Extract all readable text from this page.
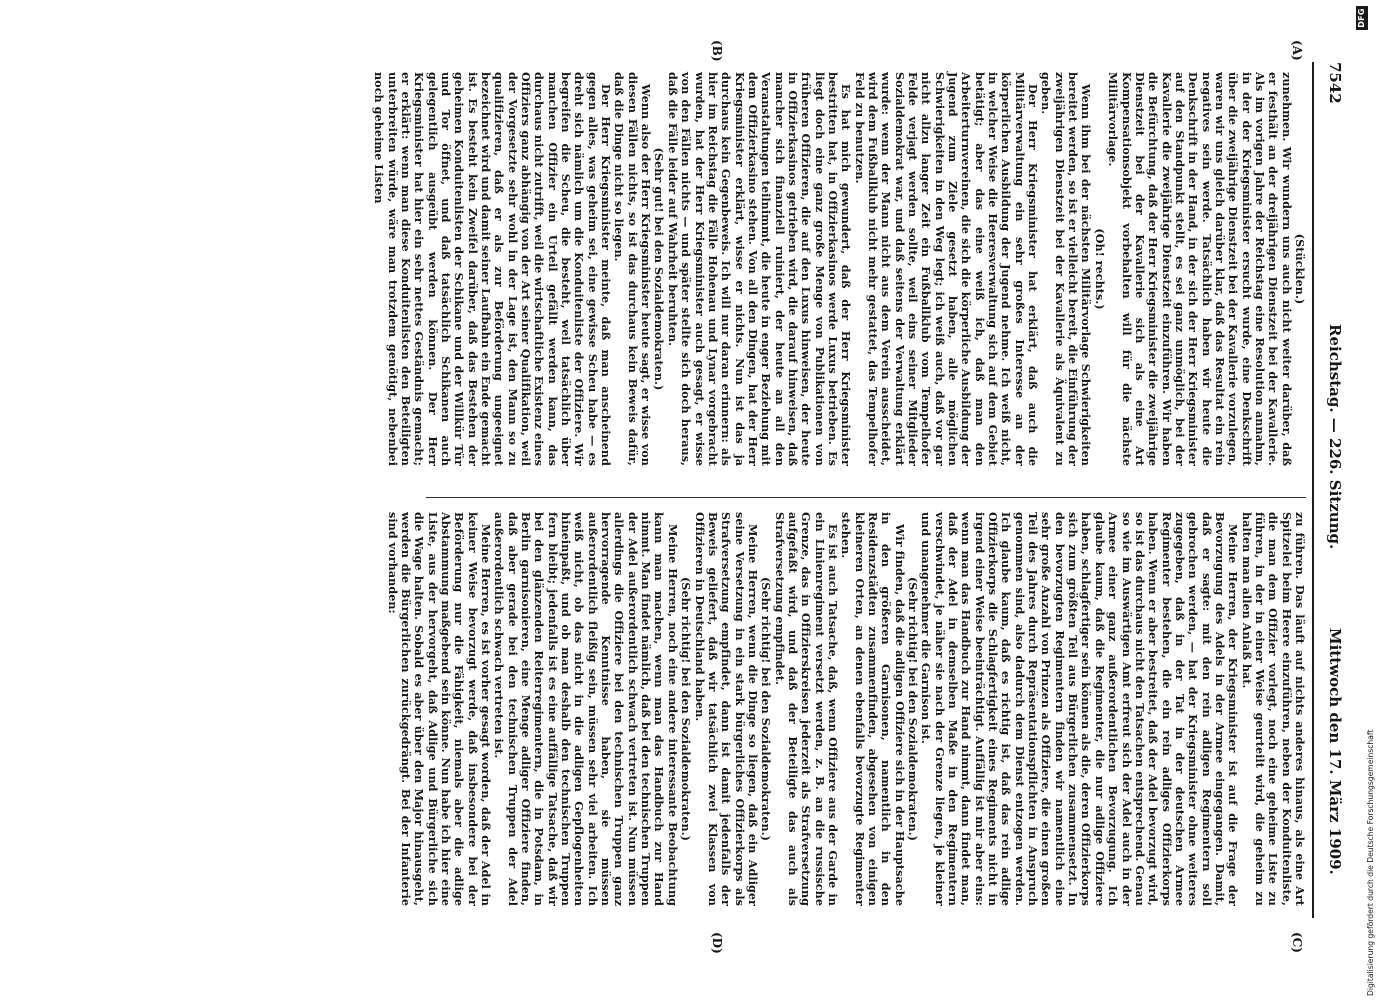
7542
Reichstag. — 226. Sitzung.
Mittwoch den 17. März 1909.
(A)
(B)
(C)
(D)

(Stücklen.)

zunehmen. Wir wundern uns auch nicht weiter darüber, daß er festhält an der dreijährigen Dienstzeit bei der Kavallerie. Als im vorigen Jahre der Reichstag eine Resolution annahm, in der der Kriegsminister ersucht wurde, eine Denkschrift über die zweijährige Dienstzeit bei der Kavallerie vorzulegen, waren wir uns gleich darüber klar, daß das Resultat ein rein negatives sein werde. Tatsächlich haben wir heute die Denkschrift in der Hand, in der sich der Herr Kriegsminister auf den Standpunkt stellt, es sei ganz unmöglich, bei der Kavallerie die zweijährige Dienstzeit einzuführen. Wir haben die Befürchtung, daß der Herr Kriegsminister die zweijährige Dienstzeit bei der Kavallerie sich als eine Art Kompensationsobjekt vorbehalten will für die nächste Militärvorlage.

(Oh! rechts.)

Wenn ihm bei der nächsten Militärvorlage Schwierigkeiten bereitet werden, so ist er vielleicht bereit, die Einführung der zweijährigen Dienstzeit bei der Kavallerie als Äquivalent zu geben.

Der Herr Kriegsminister hat erklärt, daß auch die Militärverwaltung ein sehr großes Interesse an der körperlichen Ausbildung der Jugend nehme. Ich weiß nicht, in welcher Weise die Heeresverwaltung sich auf dem Gebiet betätigt; aber das eine weiß ich, daß man den Arbeiterturnvereinen, die sich die körperliche Ausbildung der Jugend zum Ziele gesetzt haben, alle möglichen Schwierigkeiten in den Weg legt; ich weiß auch, daß vor gar nicht allzu langer Zeit ein Fußballklub vom Tempelhofer Felde verjagt werden sollte, weil eins seiner Mitglieder Sozialdemokrat war, und daß seitens der Verwaltung erklärt wurde: wenn der Mann nicht aus dem Verein ausscheidet, wird dem Fußballklub nicht mehr gestattet, das Tempelhofer Feld zu benutzen.

Es hat mich gewundert, daß der Herr Kriegsminister bestritten hat, in Offizierkasinos werde Luxus betrieben. Es liegt doch eine ganz große Menge von Publikationen von früheren Offizieren, die auf den Luxus hinweisen, der heute in Offizierkasinos getrieben wird, die darauf hinweisen, daß mancher sich finanziell ruiniert, der heute an all den Veranstaltungen teilnimmt, die heute in enger Beziehung mit dem Offizierkasino stehen. Von all den Dingen, hat der Herr Kriegsminister erklärt, wisse er nichts. Nun ist das ja durchaus kein Gegenbeweis. Ich will nur daran erinnern: als hier im Reichstag die Fälle Hohenau und Lynar vorgebracht wurden, hat der Herr Kriegsminister auch gesagt, er wisse von den Fällen nichts — und später stellte sich doch heraus, daß die Fälle leider auf Wahrheit beruhten.

(Sehr gut! bei den Sozialdemokraten.)

Wenn also der Herr Kriegsminister heute sagt, er wisse von diesen Fällen nichts, so ist das durchaus kein Beweis dafür, daß die Dinge nicht so liegen.

Der Herr Kriegsminister meinte, daß man anscheinend gegen alles, was geheim sei, eine gewisse Scheu habe — es dreht sich nämlich um die Konduitenliste der Offiziere. Wir begreifen die Scheu, die besteht, weil tatsächlich über manchen Offizier ein Urteil gefällt werden kann, das durchaus nicht zutrifft, weil die wirtschaftliche Existenz eines Offiziers ganz abhängig von der Art seiner Qualifikation, weil der Vorgesetzte sehr wohl in der Lage ist, den Mann so zu qualifizieren, daß er als zur Beförderung ungeeignet bezeichnet wird und damit seiner Laufbahn ein Ende gemacht ist. Es besteht kein Zweifel darüber, daß das Bestehen der geheimen Konduitenlisten der Schikane und der Willkür Tür und Tor öffnet, und daß tatsächlich Schikanen auch gelegentlich ausgeübt werden können. Der Herr Kriegsminister hat hier ein sehr nettes Geständnis gemacht; er erklärt: wenn man diese Konduitenlisten den Beteiligten unterbreiten würde, wäre man trotzdem genötigt, nebenbei noch geheime Listen

zu führen. Das läuft auf nichts anderes hinaus, als eine Art Spitzelei beim Heere einzuführen, neben der Konduitenliste, die man dem Offizier vorlegt, noch eine geheime Liste zu führen, in der in einer Weise geurteilt wird, die geheim zu halten man allen Anlaß hat.

Meine Herren, der Kriegsminister ist auf die Frage der Bevorzugung des Adels in der Armee eingegangen. Damit, daß er sagte: mit den rein adligen Regimentern soll gebrochen werden, — hat der Kriegsminister ohne weiteres zugegeben, daß in der Tat in der deutschen Armee Regimenter bestehen, die ein rein adliges Offizierkorps haben. Wenn er aber bestreitet, daß der Adel bevorzugt wird, so ist das durchaus nicht den Tatsachen entsprechend. Genau so wie im Auswärtigen Amt erfreut sich der Adel auch in der Armee einer ganz außerordentlichen Bevorzugung. Ich glaube kaum, daß die Regimenter, die nur adlige Offiziere haben, schlagfertiger sein können als die, deren Offizierkorps sich zum größten Teil aus Bürgerlichen zusammensetzt. In den bevorzugten Regimentern finden wir namentlich eine sehr große Anzahl von Prinzen als Offiziere, die einen großen Teil des Jahres durch Repräsentationspflichten in Anspruch genommen sind, also dadurch dem Dienst entzogen werden. Ich glaube kaum, daß es richtig ist, daß das rein adlige Offizierkorps die Schlagfertigkeit eines Regiments nicht in irgend einer Weise beeinträchtigt. Auffällig ist mir aber eins: wenn man das Handbuch zur Hand nimmt, dann findet man, daß der Adel in demselben Maße in den Regimentern verschwindet, je näher sie nach der Grenze liegen, je kleiner und unangenehmer die Garnison ist.

(Sehr richtig! bei den Sozialdemokraten.)

Wir finden, daß die adligen Offiziere sich in der Hauptsache in den größeren Garnisonen, namentlich in den Residenzstädten zusammenfinden, abgesehen von einigen kleineren Orten, an denen ebenfalls bevorzugte Regimenter stehen.

Es ist auch Tatsache, daß, wenn Offiziere aus der Garde in ein Linienregiment versetzt werden, z. B. an die russische Grenze, das in Offizierskreisen jederzeit als Strafversetzung aufgefaßt wird, und daß der Beteiligte das auch als Strafversetzung empfindet.

(Sehr richtig! bei den Sozialdemokraten.)

Meine Herren, wenn die Dinge so liegen, daß ein Adliger seine Versetzung in ein stark bürgerliches Offizierkorps als Strafversetzung empfindet, dann ist damit jedenfalls der Beweis geliefert, daß wir tatsächlich zwei Klassen von Offizieren in Deutschland haben.

(Sehr richtig! bei den Sozialdemokraten.)

Meine Herren, noch eine andere interessante Beobachtung kann man machen, wenn man das Handbuch zur Hand nimmt. Man findet nämlich, daß bei den technischen Truppen der Adel außerordentlich schwach vertreten ist. Nun müssen allerdings die Offiziere bei den technischen Truppen ganz hervorragende Kenntnisse haben, sie müssen außerordentlich fleißig sein, müssen sehr viel arbeiten. Ich weiß nicht, ob das nicht in die adligen Gepflogenheiten hineinpaßt, und ob man deshalb den technischen Truppen fern bleibt; jedenfalls ist es eine auffällige Tatsache, daß wir bei den glänzenden Reiterregimentern, die in Potsdam, in Berlin garnisonieren, eine Menge adliger Offiziere finden, daß aber gerade bei den technischen Truppen der Adel außerordentlich schwach vertreten ist.

Meine Herren, es ist vorher gesagt worden, daß der Adel in keiner Weise bevorzugt werde, daß insbesondere bei der Beförderung nur die Fähigkeit, niemals aber die adlige Abstammung maßgebend sein könne. Nun habe ich hier eine Liste, aus der hervorgeht, daß Adlige und Bürgerliche sich die Wage halten. Sobald es aber über den Major hinausgeht, werden die Bürgerlichen zurückgedrängt. Bei der Infanterie sind vorhanden:

DFG
Digitalisierung gefördert durch die Deutsche Forschungsgemeinschaft
